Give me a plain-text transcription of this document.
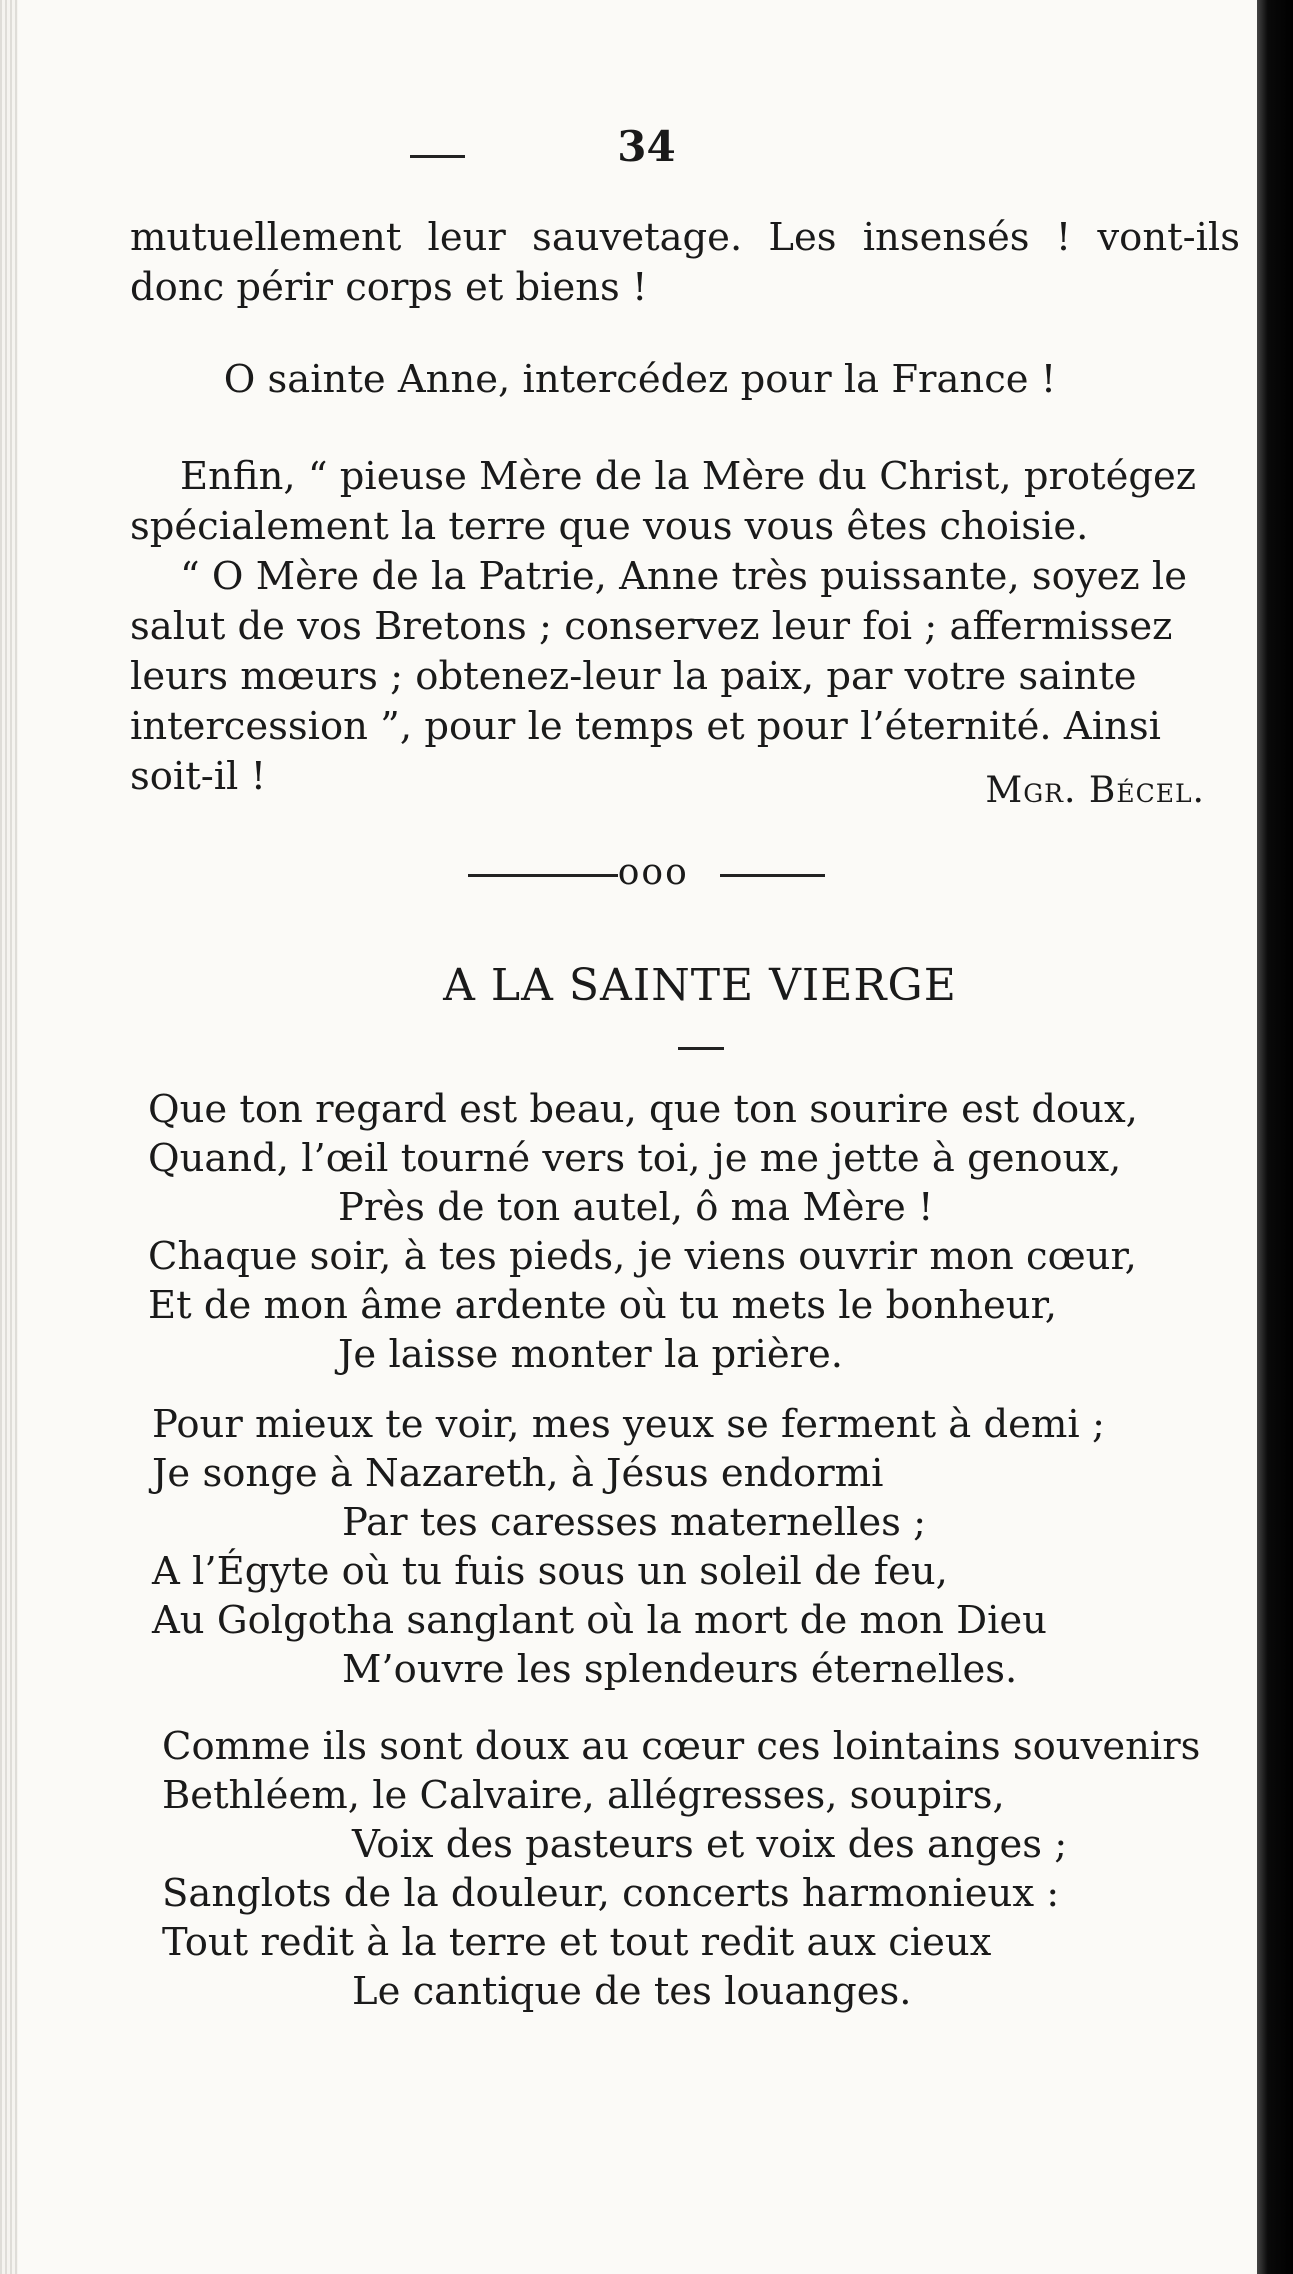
34

mutuellement leur sauvetage. Les insensés ! vont-ils donc périr corps et biens !

O sainte Anne, intercédez pour la France !

Enfin, “ pieuse Mère de la Mère du Christ, protégez spécialement la terre que vous vous êtes choisie.

“ O Mère de la Patrie, Anne très puissante, soyez le salut de vos Bretons ; conservez leur foi ; affermissez leurs mœurs ; obtenez-leur la paix, par votre sainte intercession ”, pour le temps et pour l’éternité. Ainsi soit-il !	Mgr. Bécel.
ooo
A LA SAINTE VIERGE
Que ton regard est beau, que ton sourire est doux,
Quand, l’œil tourné vers toi, je me jette à genoux,
Près de ton autel, ô ma Mère !
Chaque soir, à tes pieds, je viens ouvrir mon cœur,
Et de mon âme ardente où tu mets le bonheur,
Je laisse monter la prière.
Pour mieux te voir, mes yeux se ferment à demi ;
Je songe à Nazareth, à Jésus endormi
Par tes caresses maternelles ;
A l’Égyte où tu fuis sous un soleil de feu,
Au Golgotha sanglant où la mort de mon Dieu
M’ouvre les splendeurs éternelles.
Comme ils sont doux au cœur ces lointains souvenirs
Bethléem, le Calvaire, allégresses, soupirs,
Voix des pasteurs et voix des anges ;
Sanglots de la douleur, concerts harmonieux :
Tout redit à la terre et tout redit aux cieux
Le cantique de tes louanges.
